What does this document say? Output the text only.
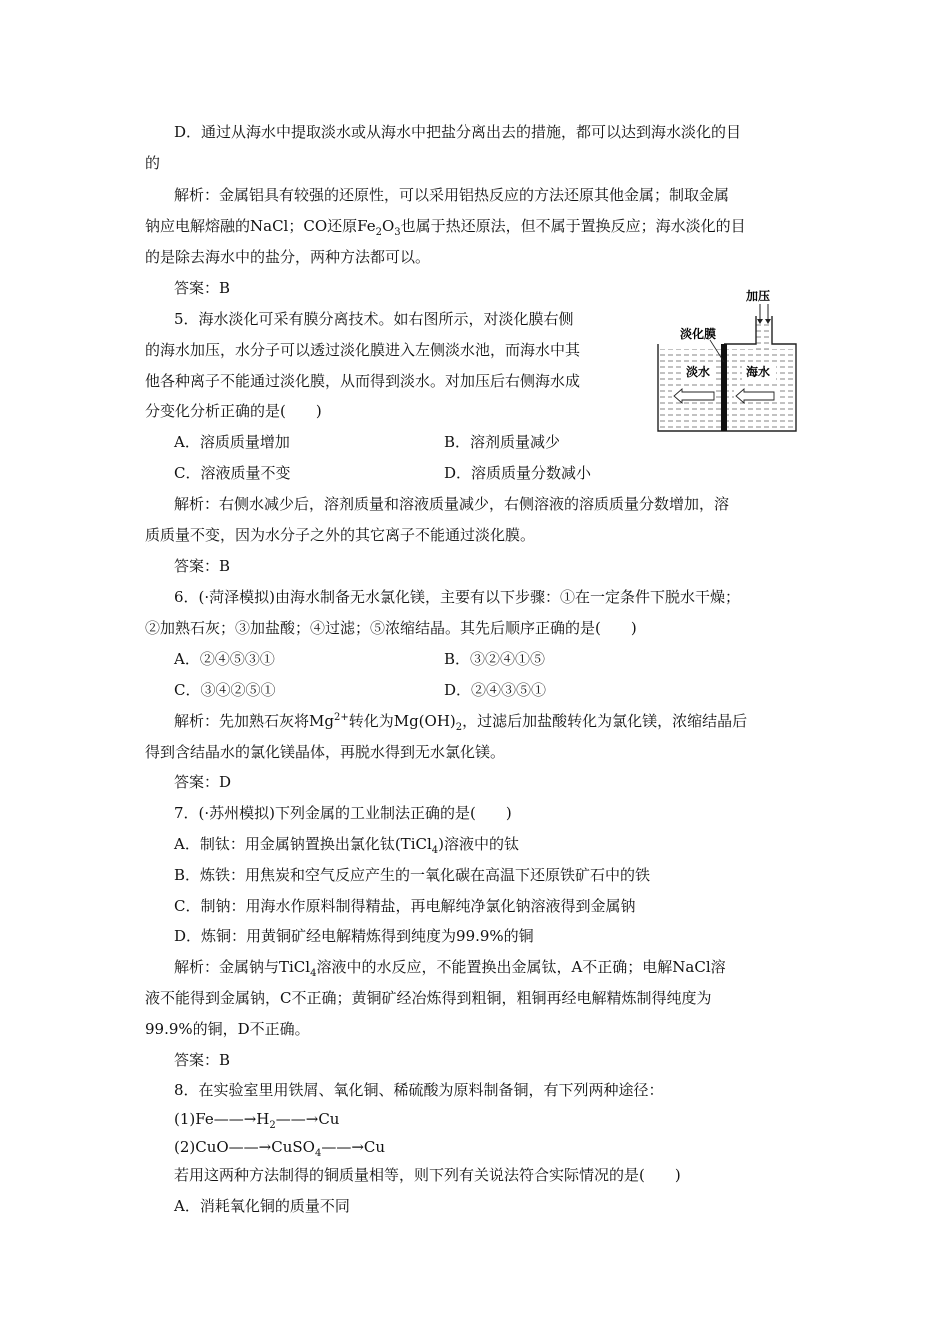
D．通过从海水中提取淡水或从海水中把盐分离出去的措施，都可以达到海水淡化的目
的
解析：金属铝具有较强的还原性，可以采用铝热反应的方法还原其他金属；制取金属
钠应电解熔融的NaCl；CO还原$Fe_2O_3$也属于热还原法，但不属于置换反应；海水淡化的目
的是除去海水中的盐分，两种方法都可以。
答案：B
5．海水淡化可采有膜分离技术。如右图所示，对淡化膜右侧
的海水加压，水分子可以透过淡化膜进入左侧淡水池，而海水中其
他各种离子不能通过淡化膜，从而得到淡水。对加压后右侧海水成
分变化分析正确的是(　　)
A．溶质质量增加	B．溶剂质量减少
C．溶液质量不变	D．溶质质量分数减小
解析：右侧水减少后，溶剂质量和溶液质量减少，右侧溶液的溶质质量分数增加，溶
质质量不变，因为水分子之外的其它离子不能通过淡化膜。
答案：B
加压
淡化膜
淡水	海水
6．(·菏泽模拟)由海水制备无水氯化镁，主要有以下步骤：①在一定条件下脱水干燥；
②加熟石灰；③加盐酸；④过滤；⑤浓缩结晶。其先后顺序正确的是(　　)
A．②④⑤③①	B．③②④①⑤
C．③④②⑤①	D．②④③⑤①
解析：先加熟石灰将$Mg^{2+}$转化为$Mg(OH)_2$，过滤后加盐酸转化为氯化镁，浓缩结晶后
得到含结晶水的氯化镁晶体，再脱水得到无水氯化镁。
答案：D
7．(·苏州模拟)下列金属的工业制法正确的是(　　)
A．制钛：用金属钠置换出氯化钛(TiCl$_4$)溶液中的钛
B．炼铁：用焦炭和空气反应产生的一氧化碳在高温下还原铁矿石中的铁
C．制钠：用海水作原料制得精盐，再电解纯净氯化钠溶液得到金属钠
D．炼铜：用黄铜矿经电解精炼得到纯度为99.9%的铜
解析：金属钠与TiCl$_4$溶液中的水反应，不能置换出金属钛，A不正确；电解NaCl溶
液不能得到金属钠，C不正确；黄铜矿经冶炼得到粗铜，粗铜再经电解精炼制得纯度为
99.9%的铜，D不正确。
答案：B
8．在实验室里用铁屑、氧化铜、稀硫酸为原料制备铜，有下列两种途径：
$(1)Fe——\to H_2——\to Cu$
(2)CuO——→CuSO$_4$——→Cu
若用这两种方法制得的铜质量相等，则下列有关说法符合实际情况的是(　　)
A．消耗氧化铜的质量不同
